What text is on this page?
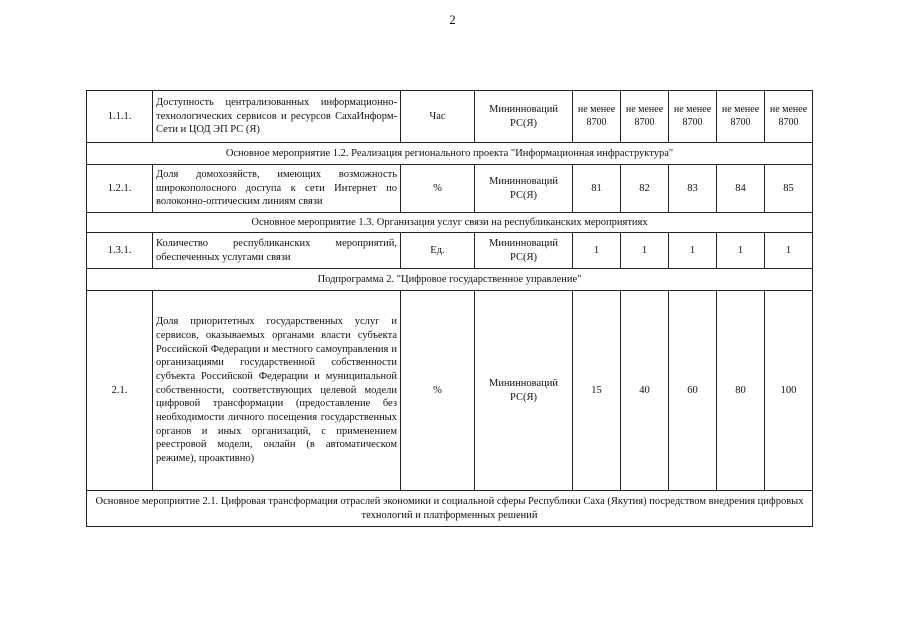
2
1.1.1.	Доступность централизованных информационно-технологических сервисов и ресурсов СахаИнформ-Сети и ЦОД ЭП РС (Я)	Час	Мининноваций РС(Я)	не менее 8700	не менее 8700	не менее 8700	не менее 8700	не менее 8700
Основное мероприятие 1.2. Реализация регионального проекта "Информационная инфраструктура"								
1.2.1.	Доля домохозяйств, имеющих возможность широкополосного доступа к сети Интернет по волоконно-оптическим линиям связи	%	Мининноваций РС(Я)	81	82	83	84	85
Основное мероприятие 1.3. Организация услуг связи на республиканских мероприятиях								
1.3.1.	Количество республиканских мероприятий, обеспеченных услугами связи	Ед.	Мининноваций РС(Я)	1	1	1	1	1
Подпрограмма 2. "Цифровое государственное управление"								
2.1.	Доля приоритетных государственных услуг и сервисов, оказываемых органами власти субъекта Российской Федерации и местного самоуправления и организациями государственной собственности субъекта Российской Федерации и муниципальной собственности, соответствующих целевой модели цифровой трансформации (предоставление без необходимости личного посещения государственных органов и иных организаций, с применением реестровой модели, онлайн (в автоматическом режиме), проактивно)	%	Мининноваций РС(Я)	15	40	60	80	100
Основное мероприятие 2.1. Цифровая трансформация отраслей экономики и социальной сферы Республики Саха (Якутия) посредством внедрения цифровых технологий и платформенных решений								
